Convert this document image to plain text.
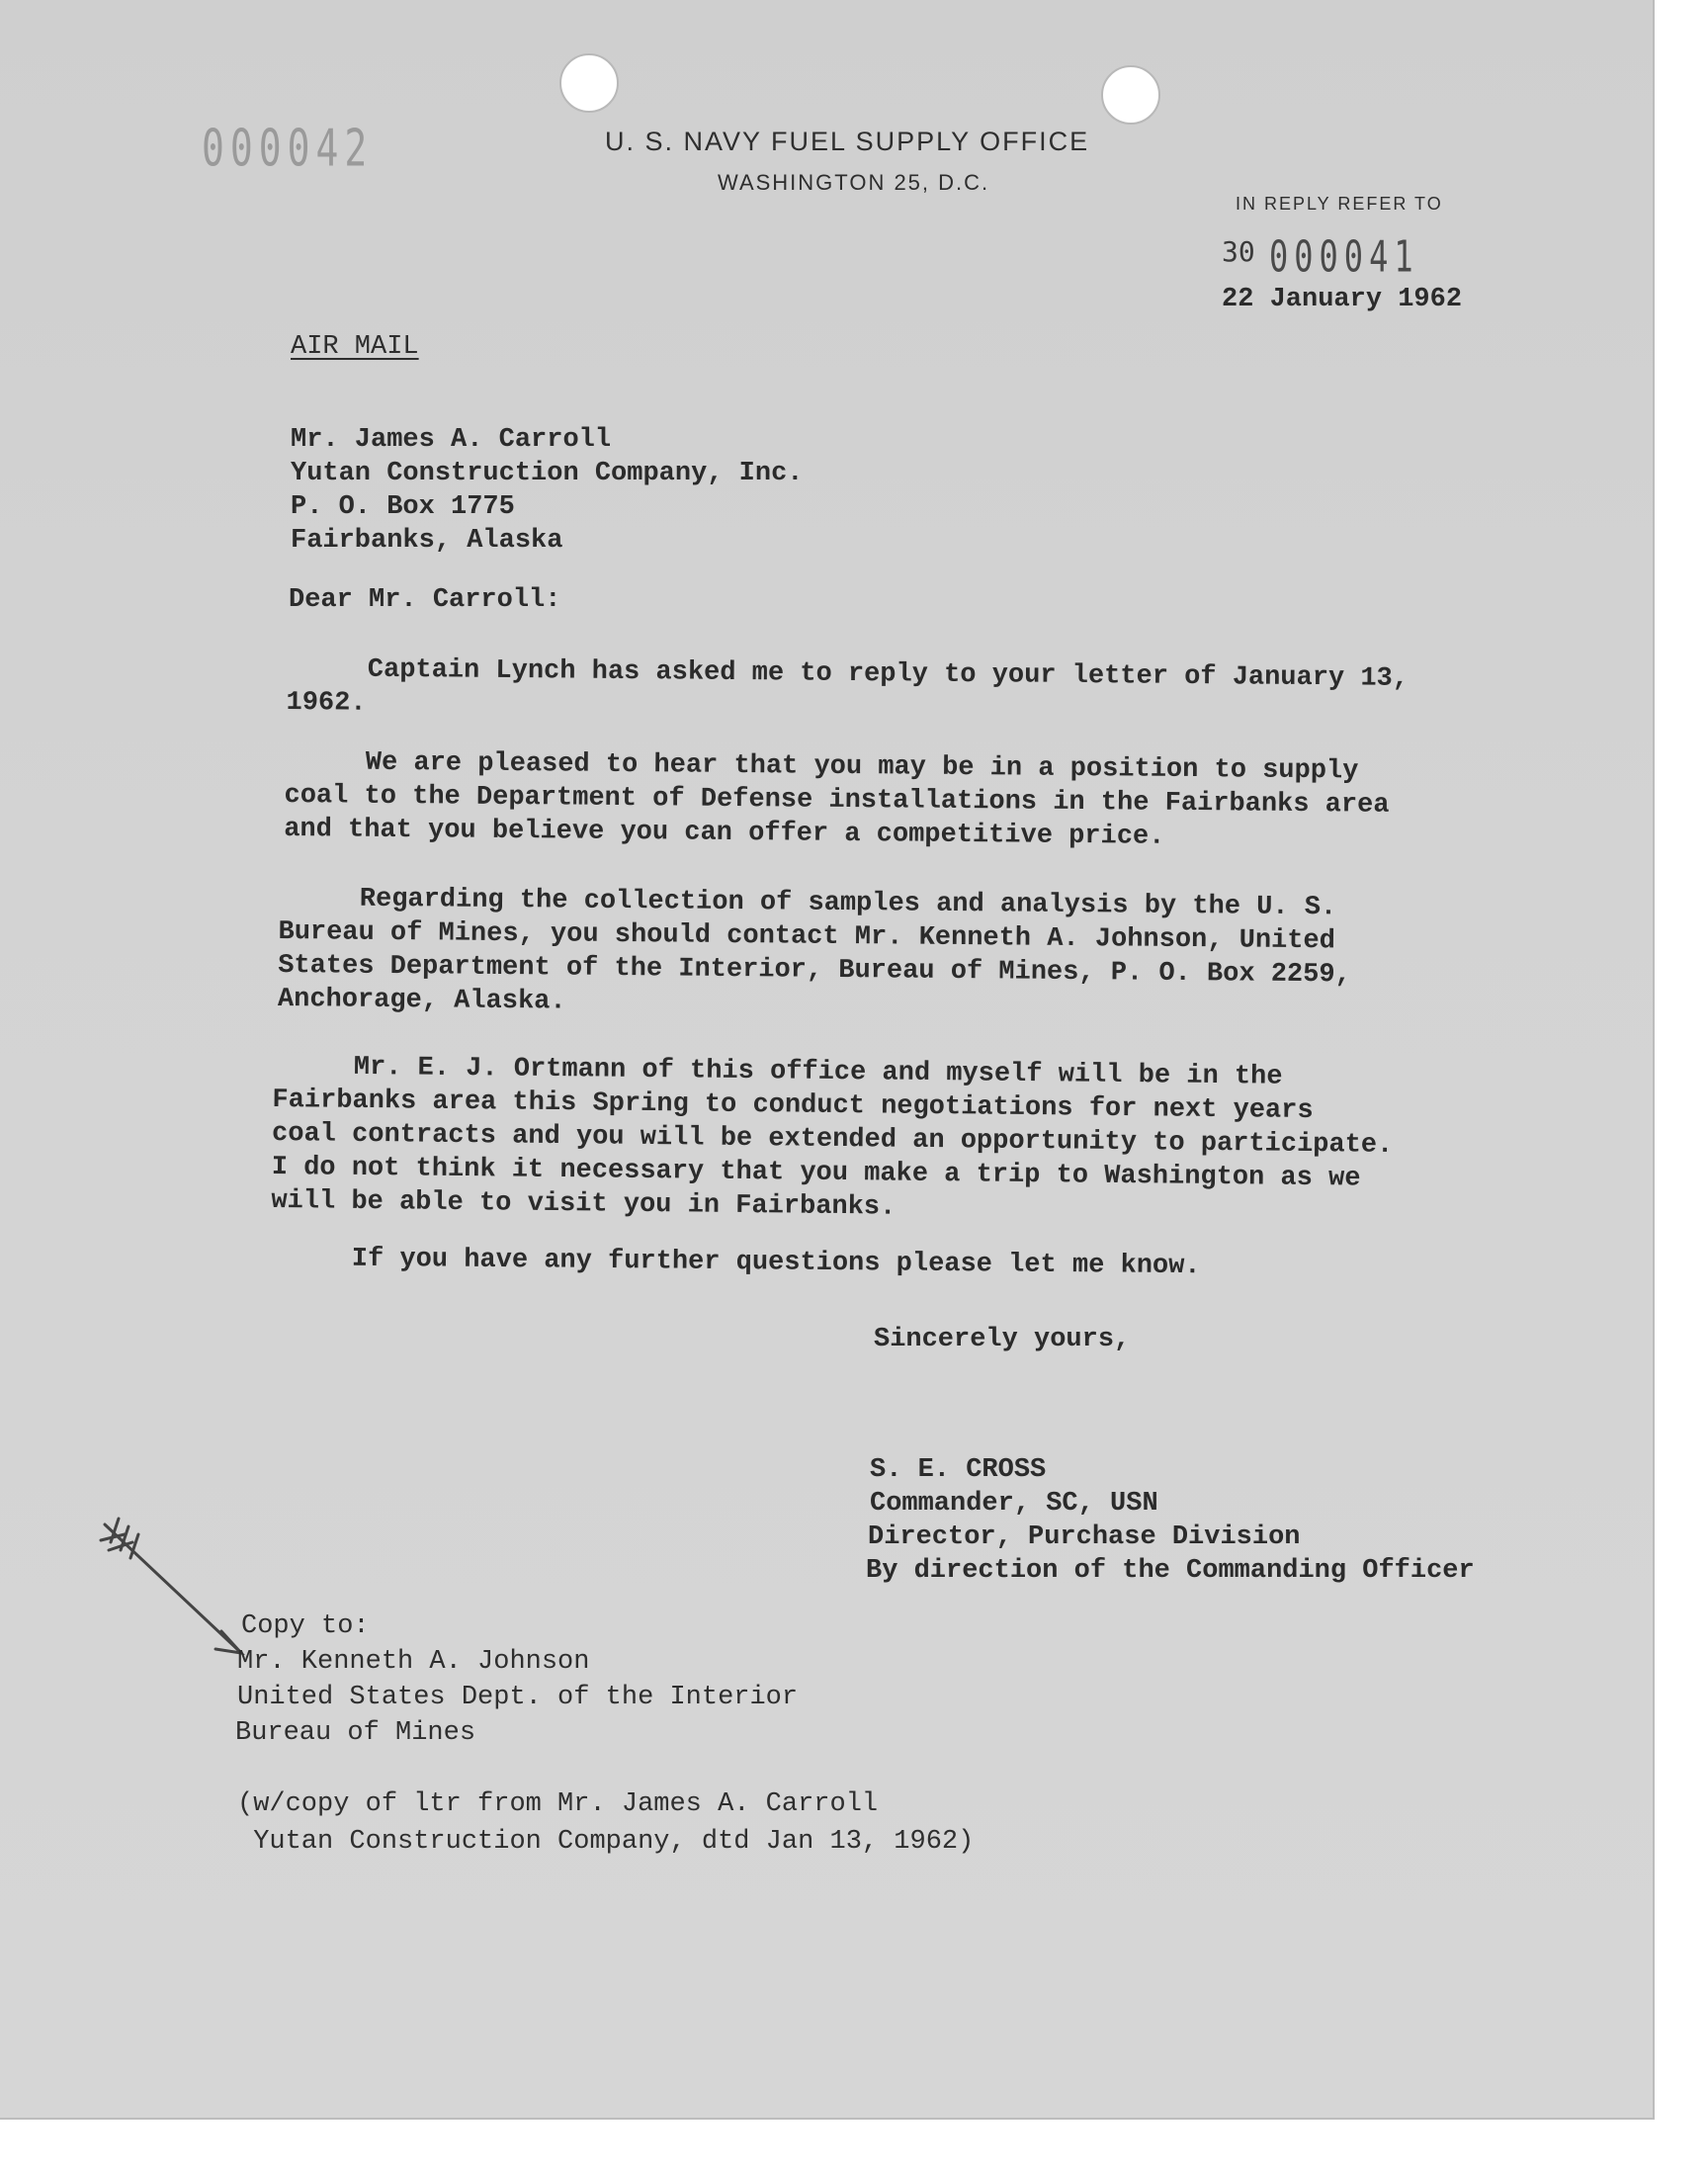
000042	U. S. NAVY FUEL SUPPLY OFFICE
WASHINGTON 25, D.C.
IN REPLY REFER TO
30 000041
22 January 1962
AIR MAIL
Mr. James A. Carroll
Yutan Construction Company, Inc.
P. O. Box 1775
Fairbanks, Alaska
Dear Mr. Carroll:
Captain Lynch has asked me to reply to your letter of January 13,
1962.
We are pleased to hear that you may be in a position to supply
coal to the Department of Defense installations in the Fairbanks area
and that you believe you can offer a competitive price.
Regarding the collection of samples and analysis by the U. S.
Bureau of Mines, you should contact Mr. Kenneth A. Johnson, United
States Department of the Interior, Bureau of Mines, P. O. Box 2259,
Anchorage, Alaska.
Mr. E. J. Ortmann of this office and myself will be in the
Fairbanks area this Spring to conduct negotiations for next years
coal contracts and you will be extended an opportunity to participate.
I do not think it necessary that you make a trip to Washington as we
will be able to visit you in Fairbanks.
If you have any further questions please let me know.
Sincerely yours,
S. E. CROSS
Commander, SC, USN
Director, Purchase Division
By direction of the Commanding Officer
Copy to:
Mr. Kenneth A. Johnson
United States Dept. of the Interior
Bureau of Mines
(w/copy of ltr from Mr. James A. Carroll
Yutan Construction Company, dtd Jan 13, 1962)
